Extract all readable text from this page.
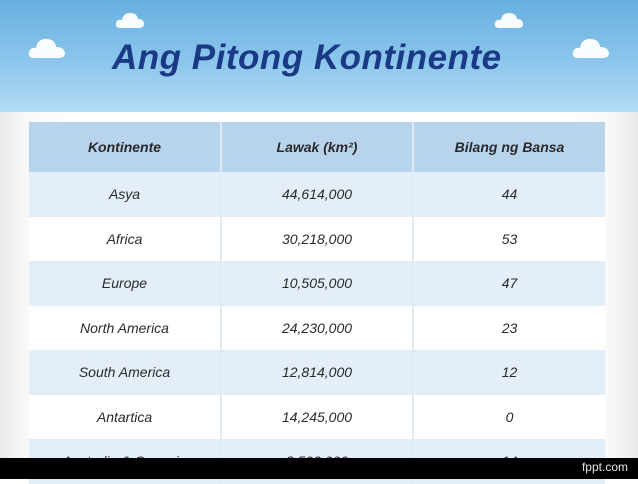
Ang Pitong Kontinente
Kontinente	Lawak (km²)	Bilang ng Bansa
Asya	44,614,000	44
Africa	30,218,000	53
Europe	10,505,000	47
North America	24,230,000	23
South America	12,814,000	12
Antartica	14,245,000	0

fppt.com
